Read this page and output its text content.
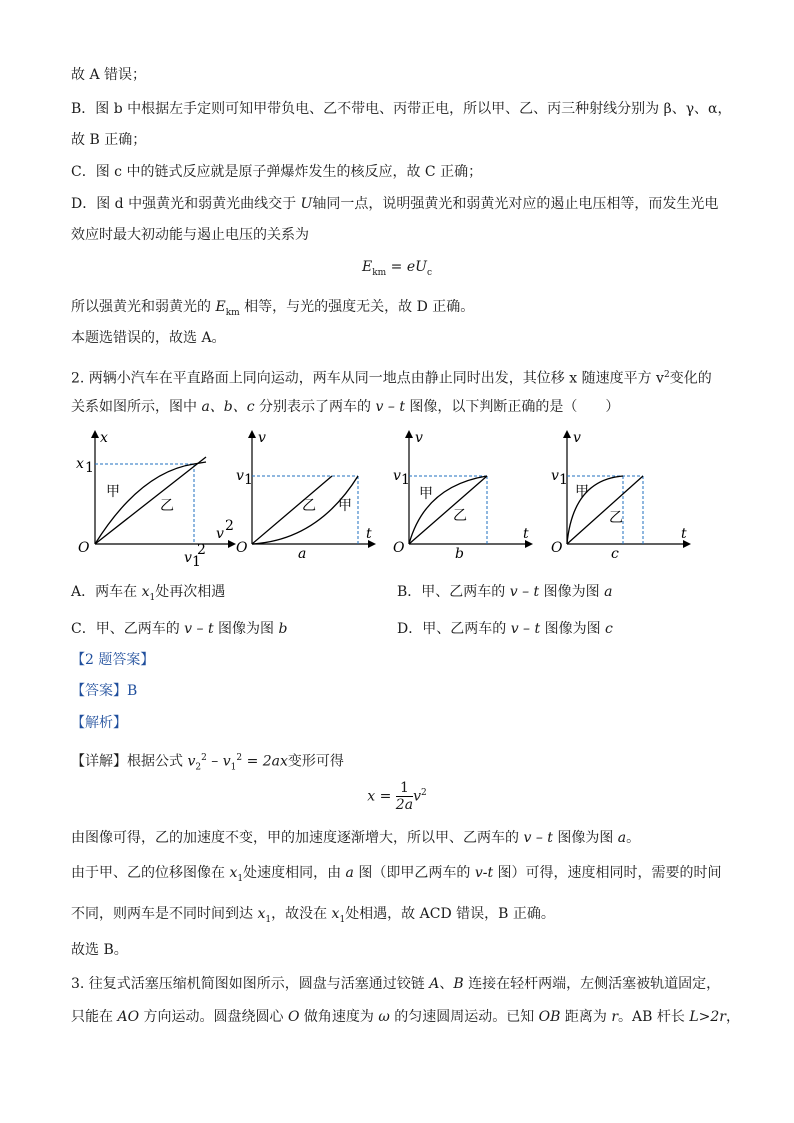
故 A 错误；
B．图 b 中根据左手定则可知甲带负电、乙不带电、丙带正电，所以甲、乙、丙三种射线分别为 β、γ、α，
故 B 正确；
C．图 c 中的链式反应就是原子弹爆炸发生的核反应，故 C 正确；
D．图 d 中强黄光和弱黄光曲线交于 U轴同一点，说明强黄光和弱黄光对应的遏止电压相等，而发生光电
效应时最大初动能与遏止电压的关系为
$E_{km} = eU_c$
所以强黄光和弱黄光的 $E_{km}$ 相等，与光的强度无关，故 D 正确。
本题选错误的，故选 A。
2. 两辆小汽车在平直路面上同向运动，两车从同一地点由静止同时出发，其位移 x 随速度平方 $v^2$变化的
关系如图所示，图中 a、b、c 分别表示了两车的 v – t 图像，以下判断正确的是（　　）
x
x 1
甲
乙
O
v 2
v 1
2
v
v 1
乙 甲
O
t
a
v
v 1
甲
乙
O
t
b
v
v 1
甲
乙
O
t
c
A．两车在 $x_1$处再次相遇	B．甲、乙两车的 v – t 图像为图 a
C．甲、乙两车的 v – t 图像为图 b	D．甲、乙两车的 v – t 图像为图 c
【2 题答案】
【答案】B
【解析】
【详解】根据公式 $v_2^2 - v_1^2 = 2ax$变形可得
$x = \frac{1}{2a} v^2$
由图像可得，乙的加速度不变，甲的加速度逐渐增大，所以甲、乙两车的 v – t 图像为图 a。
由于甲、乙的位移图像在 $x_1$处速度相同，由 a 图（即甲乙两车的 v-t 图）可得，速度相同时，需要的时间
不同，则两车是不同时间到达 $x_1$，故没在 $x_1$处相遇，故 ACD 错误，B 正确。
故选 B。
3. 往复式活塞压缩机简图如图所示，圆盘与活塞通过铰链 A、B 连接在轻杆两端，左侧活塞被轨道固定，
只能在 AO 方向运动。圆盘绕圆心 O 做角速度为 ω 的匀速圆周运动。已知 OB 距离为 r。AB 杆长 L>2r，
